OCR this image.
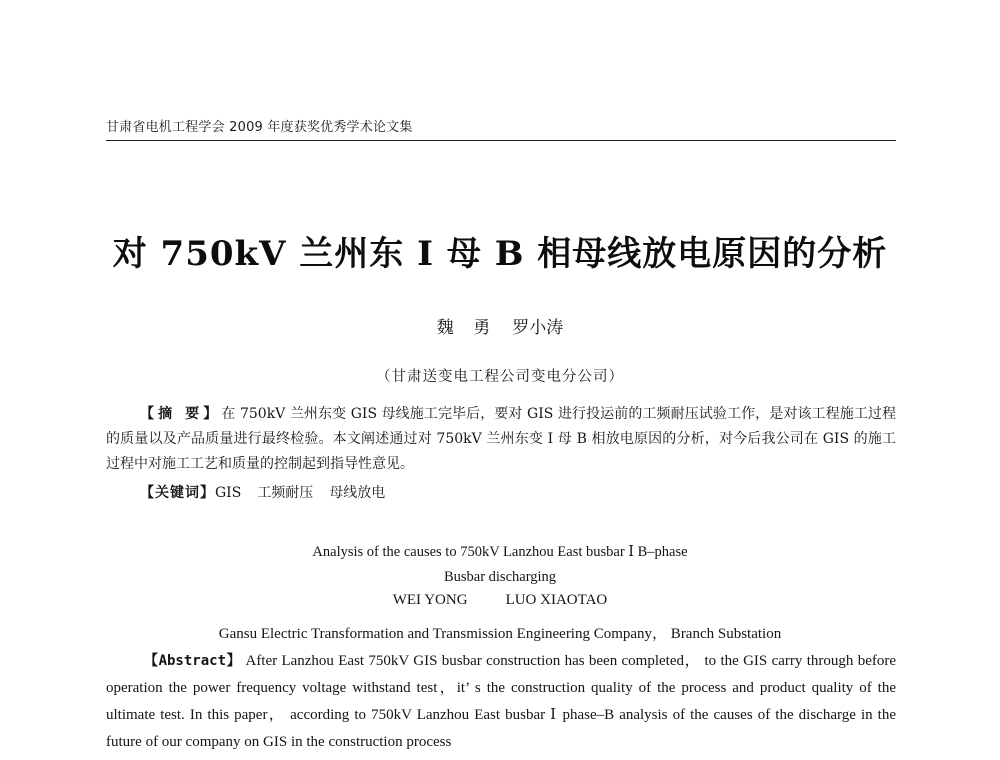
甘肃省电机工程学会 2009 年度获奖优秀学术论文集
对 750kV 兰州东 I 母 B 相母线放电原因的分析
魏 勇 罗小涛
（甘肃送变电工程公司变电分公司）

【摘 要】在 750kV 兰州东变 GIS 母线施工完毕后，要对 GIS 进行投运前的工频耐压试验工作，是对该工程施工过程的质量以及产品质量进行最终检验。本文阐述通过对 750kV 兰州东变 I 母 B 相放电原因的分析，对今后我公司在 GIS 的施工过程中对施工工艺和质量的控制起到指导性意见。

【关键词】GIS 工频耐压 母线放电
Analysis of the causes to 750kV Lanzhou East busbar Ⅰ B–phase
Busbar discharging
WEI YONG	LUO XIAOTAO
Gansu Electric Transformation and Transmission Engineering Company， Branch Substation

【Abstract】 After Lanzhou East 750kV GIS busbar construction has been completed， to the GIS carry through before operation the power frequency voltage withstand test，it’ s the construction quality of the process and product quality of the ultimate test. In this paper， according to 750kV Lanzhou East busbar Ⅰ phase–B analysis of the causes of the discharge in the future of our company on GIS in the construction process
